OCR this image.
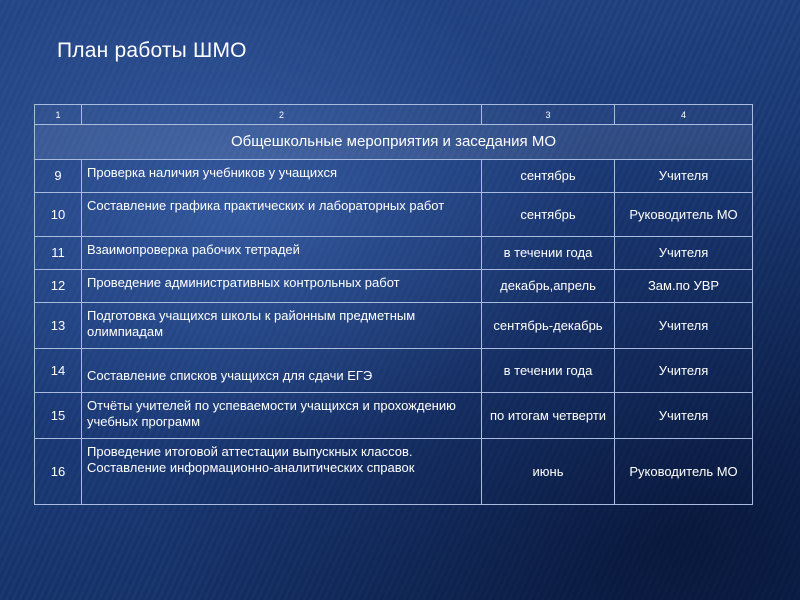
План работы ШМО
1	2	3	4
Общешкольные мероприятия и заседания МО			
9	Проверка наличия учебников у учащихся	сентябрь	Учителя
10	Составление графика практических и лабораторных работ	сентябрь	Руководитель МО
11	Взаимопроверка рабочих тетрадей	в течении года	Учителя
12	Проведение административных контрольных работ	декабрь,апрель	Зам.по УВР
13	Подготовка учащихся школы к районным предметным олимпиадам	сентябрь-декабрь	Учителя
14	Составление списков учащихся для сдачи ЕГЭ	в течении года	Учителя
15	Отчёты учителей по успеваемости учащихся и прохождению учебных программ	по итогам четверти	Учителя
16	Проведение итоговой аттестации выпускных классов. Составление информационно-аналитических справок	июнь	Руководитель МО
